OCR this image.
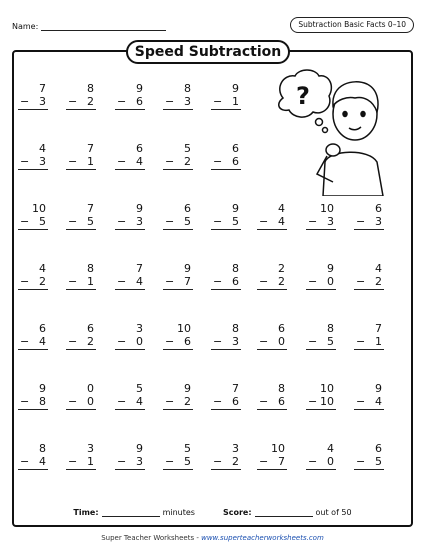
Name:	Subtraction Basic Facts 0–10
Speed Subtraction
7
− 3
8
− 2
9
− 6
8
− 3
9
− 1
4
− 3
7
− 1
6
− 4
5
− 2
6
− 6
10
− 5
7
− 5
9
− 3
6
− 5
9
− 5
4
− 4
10
− 3
6
− 3
4
− 2
8
− 1
7
− 4
9
− 7
8
− 6
2
− 2
9
− 0
4
− 2
6
− 4
6
− 2
3
− 0
10
− 6
8
− 3
6
− 0
8
− 5
7
− 1
9
− 8
0
− 0
5
− 4
9
− 2
7
− 6
8
− 6
10
− 10
9
− 4
8
− 4
3
− 1
9
− 3
5
− 5
3
− 2
10
− 7
4
− 0
6
− 5
?
Time:	minutes	Score:	out of 50
Super Teacher Worksheets - www.superteacherworksheets.com
